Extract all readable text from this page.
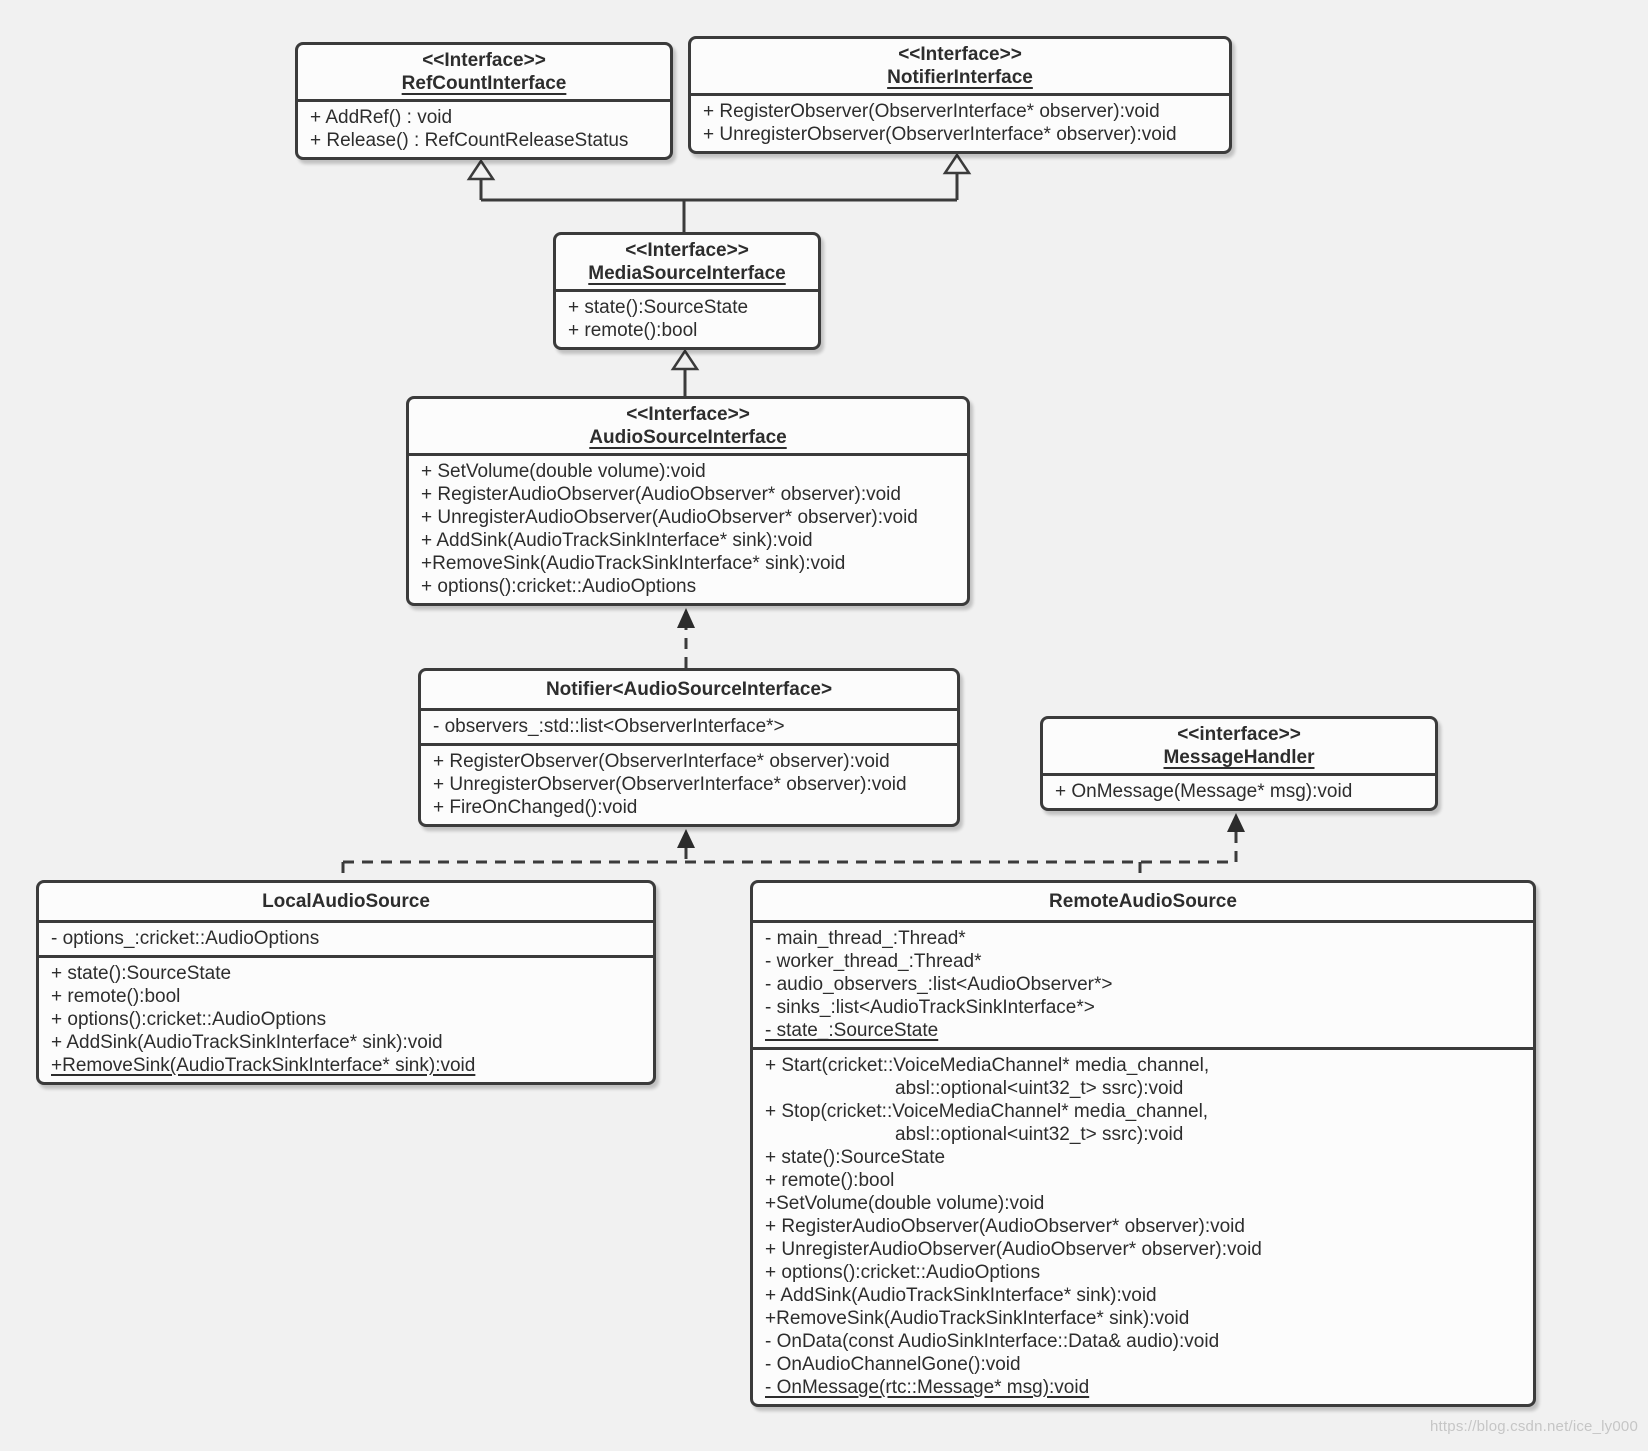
<<Interface>>
RefCountInterface
+ AddRef() : void
+ Release() : RefCountReleaseStatus
<<Interface>>
NotifierInterface
+ RegisterObserver(ObserverInterface* observer):void
+ UnregisterObserver(ObserverInterface* observer):void
<<Interface>>
MediaSourceInterface
+ state():SourceState
+ remote():bool
<<Interface>>
AudioSourceInterface
+ SetVolume(double volume):void
+ RegisterAudioObserver(AudioObserver* observer):void
+ UnregisterAudioObserver(AudioObserver* observer):void
+ AddSink(AudioTrackSinkInterface* sink):void
+RemoveSink(AudioTrackSinkInterface* sink):void
+ options():cricket::AudioOptions
Notifier<AudioSourceInterface>
- observers_:std::list<ObserverInterface*>
+ RegisterObserver(ObserverInterface* observer):void
+ UnregisterObserver(ObserverInterface* observer):void
+ FireOnChanged():void
<<interface>>
MessageHandler
+ OnMessage(Message* msg):void
LocalAudioSource
- options_:cricket::AudioOptions
+ state():SourceState
+ remote():bool
+ options():cricket::AudioOptions
+ AddSink(AudioTrackSinkInterface* sink):void
+RemoveSink(AudioTrackSinkInterface* sink):void
RemoteAudioSource
- main_thread_:Thread*
- worker_thread_:Thread*
- audio_observers_:list<AudioObserver*>
- sinks_:list<AudioTrackSinkInterface*>
- state_:SourceState
+ Start(cricket::VoiceMediaChannel* media_channel,
absl::optional<uint32_t> ssrc):void
+ Stop(cricket::VoiceMediaChannel* media_channel,
absl::optional<uint32_t> ssrc):void
+ state():SourceState
+ remote():bool
+SetVolume(double volume):void
+ RegisterAudioObserver(AudioObserver* observer):void
+ UnregisterAudioObserver(AudioObserver* observer):void
+ options():cricket::AudioOptions
+ AddSink(AudioTrackSinkInterface* sink):void
+RemoveSink(AudioTrackSinkInterface* sink):void
- OnData(const AudioSinkInterface::Data& audio):void
- OnAudioChannelGone():void
- OnMessage(rtc::Message* msg):void
https://blog.csdn.net/ice_ly000
